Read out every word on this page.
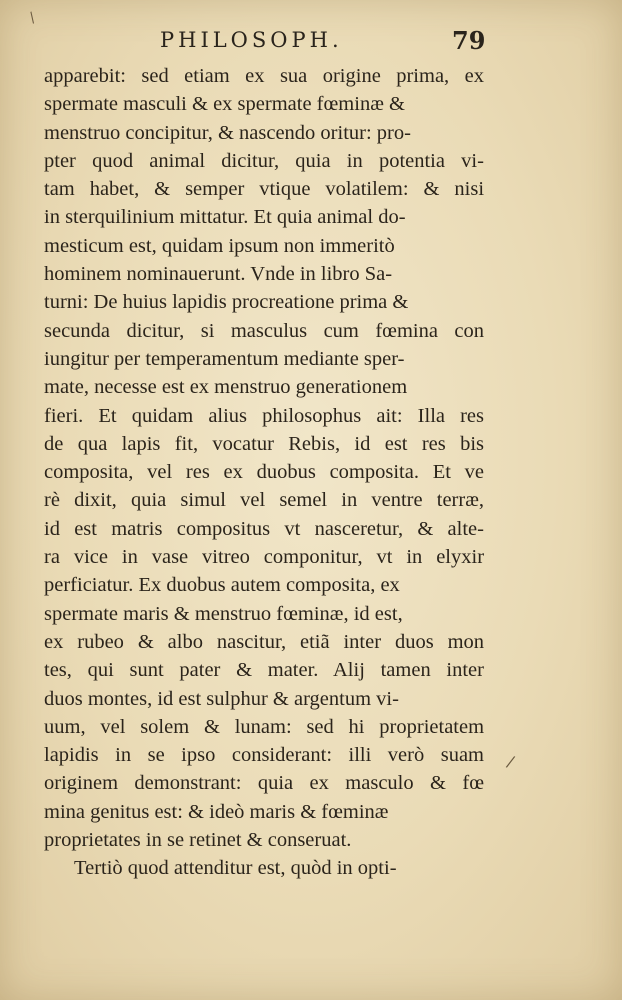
/
/
PHILOSOPH.	79
apparebit: sed etiam ex sua origine prima, ex
spermate masculi & ex spermate fœminæ &
menstruo concipitur, & nascendo oritur: pro-
pter quod animal dicitur, quia in potentia vi-
tam habet, & semper vtique volatilem: & nisi
in sterquilinium mittatur. Et quia animal do-
mesticum est, quidam ipsum non immeritò
hominem nominauerunt. Vnde in libro Sa-
turni: De huius lapidis procreatione prima &
secunda dicitur, si masculus cum fœmina con
iungitur per temperamentum mediante sper-
mate, necesse est ex menstruo generationem
fieri. Et quidam alius philosophus ait: Illa res
de qua lapis fit, vocatur Rebis, id est res bis
composita, vel res ex duobus composita. Et ve
rè dixit, quia simul vel semel in ventre terræ,
id est matris compositus vt nasceretur, & alte-
ra vice in vase vitreo componitur, vt in elyxir
perficiatur. Ex duobus autem composita, ex
spermate maris & menstruo fœminæ, id est,
ex rubeo & albo nascitur, etiã inter duos mon
tes, qui sunt pater & mater. Alij tamen inter
duos montes, id est sulphur & argentum vi-
uum, vel solem & lunam: sed hi proprietatem
lapidis in se ipso considerant: illi verò suam
originem demonstrant: quia ex masculo & fœ
mina genitus est: & ideò maris & fœminæ
proprietates in se retinet & conseruat.
Tertiò quod attenditur est, quòd in opti-
